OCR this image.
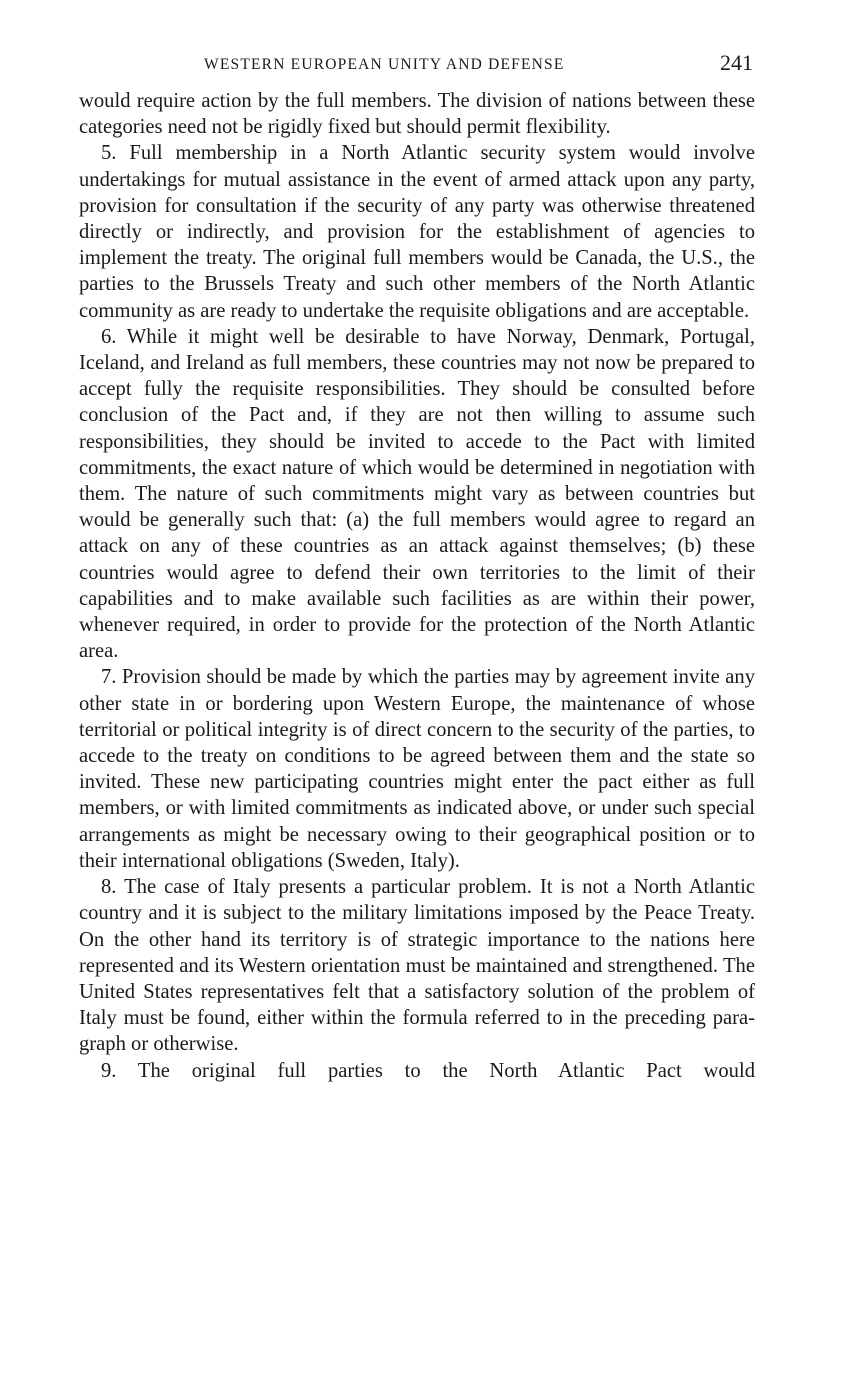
WESTERN EUROPEAN UNITY AND DEFENSE	241

would require action by the full members. The division of nations between these categories need not be rigidly fixed but should permit flexibility.

5. Full membership in a North Atlantic security system would involve undertakings for mutual assistance in the event of armed attack upon any party, provision for consultation if the security of any party was otherwise threatened directly or indirectly, and provision for the establishment of agencies to implement the treaty. The original full members would be Canada, the U.S., the parties to the Brussels Treaty and such other members of the North Atlantic community as are ready to undertake the requisite obligations and are acceptable.

6. While it might well be desirable to have Norway, Denmark, Portugal, Iceland, and Ireland as full members, these countries may not now be prepared to accept fully the requisite responsibilities. They should be consulted before conclusion of the Pact and, if they are not then willing to assume such responsibilities, they should be invited to accede to the Pact with limited commitments, the exact nature of which would be determined in negotiation with them. The nature of such commitments might vary as between countries but would be generally such that: (a) the full members would agree to regard an attack on any of these countries as an attack against themselves; (b) these countries would agree to defend their own territories to the limit of their capabilities and to make available such facilities as are within their power, whenever required, in order to provide for the protection of the North Atlantic area.

7. Provision should be made by which the parties may by agreement invite any other state in or bordering upon Western Europe, the maintenance of whose territorial or political integrity is of direct concern to the security of the parties, to accede to the treaty on conditions to be agreed between them and the state so invited. These new participating countries might enter the pact either as full members, or with limited commitments as indicated above, or under such special arrangements as might be necessary owing to their geographical position or to their international obligations (Sweden, Italy).

8. The case of Italy presents a particular problem. It is not a North Atlantic country and it is subject to the military limitations imposed by the Peace Treaty. On the other hand its territory is of strategic importance to the nations here represented and its Western orientation must be maintained and strengthened. The United States representatives felt that a satisfactory solution of the problem of Italy must be found, either within the formula referred to in the preceding paragraph or otherwise.

9. The original full parties to the North Atlantic Pact would
